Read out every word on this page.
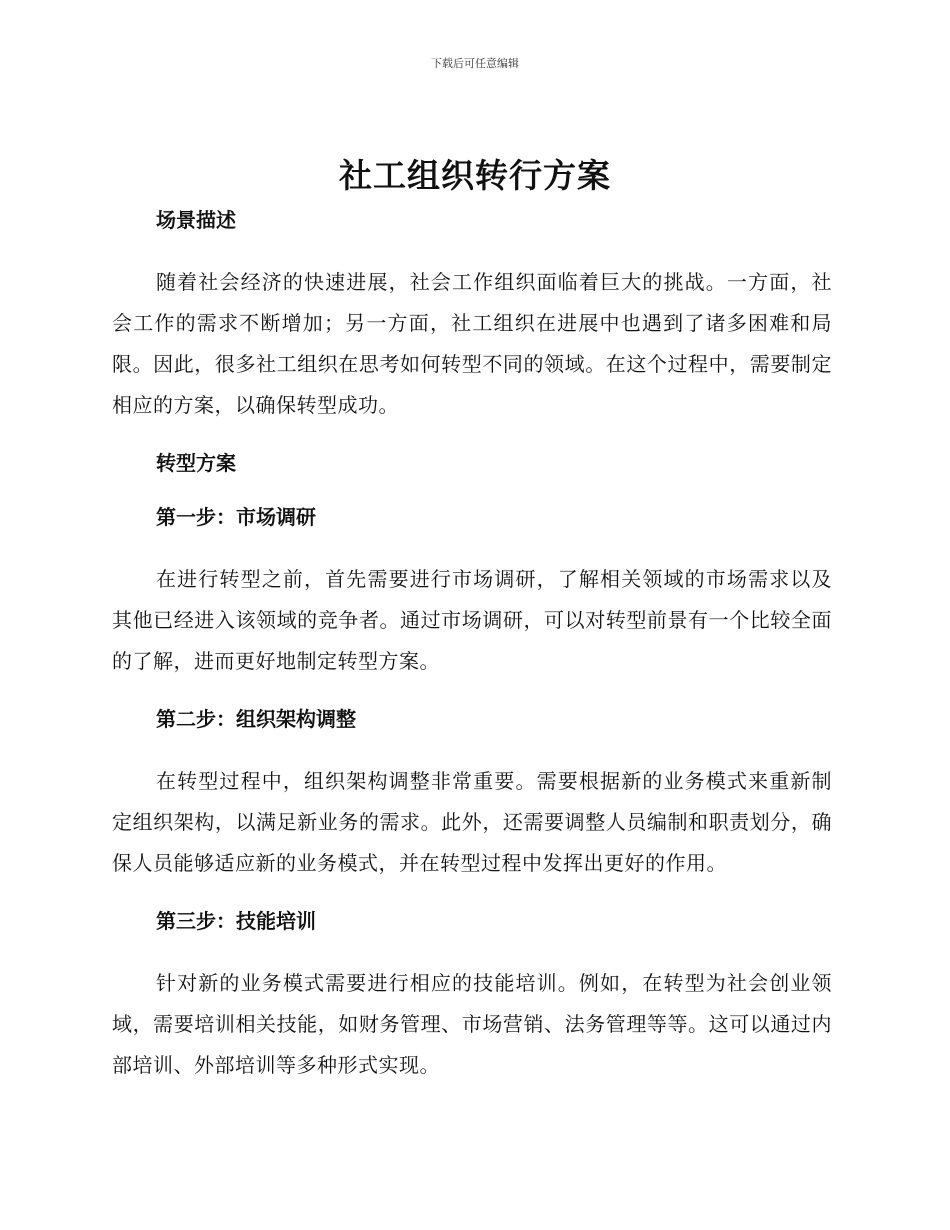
下载后可任意编辑
社工组织转行方案
场景描述

随着社会经济的快速进展，社会工作组织面临着巨大的挑战。一方面，社会工作的需求不断增加；另一方面，社工组织在进展中也遇到了诸多困难和局限。因此，很多社工组织在思考如何转型不同的领域。在这个过程中，需要制定相应的方案，以确保转型成功。

转型方案
第一步：市场调研

在进行转型之前，首先需要进行市场调研，了解相关领域的市场需求以及其他已经进入该领域的竞争者。通过市场调研，可以对转型前景有一个比较全面的了解，进而更好地制定转型方案。

第二步：组织架构调整

在转型过程中，组织架构调整非常重要。需要根据新的业务模式来重新制定组织架构，以满足新业务的需求。此外，还需要调整人员编制和职责划分，确保人员能够适应新的业务模式，并在转型过程中发挥出更好的作用。

第三步：技能培训

针对新的业务模式需要进行相应的技能培训。例如，在转型为社会创业领域，需要培训相关技能，如财务管理、市场营销、法务管理等等。这可以通过内部培训、外部培训等多种形式实现。
